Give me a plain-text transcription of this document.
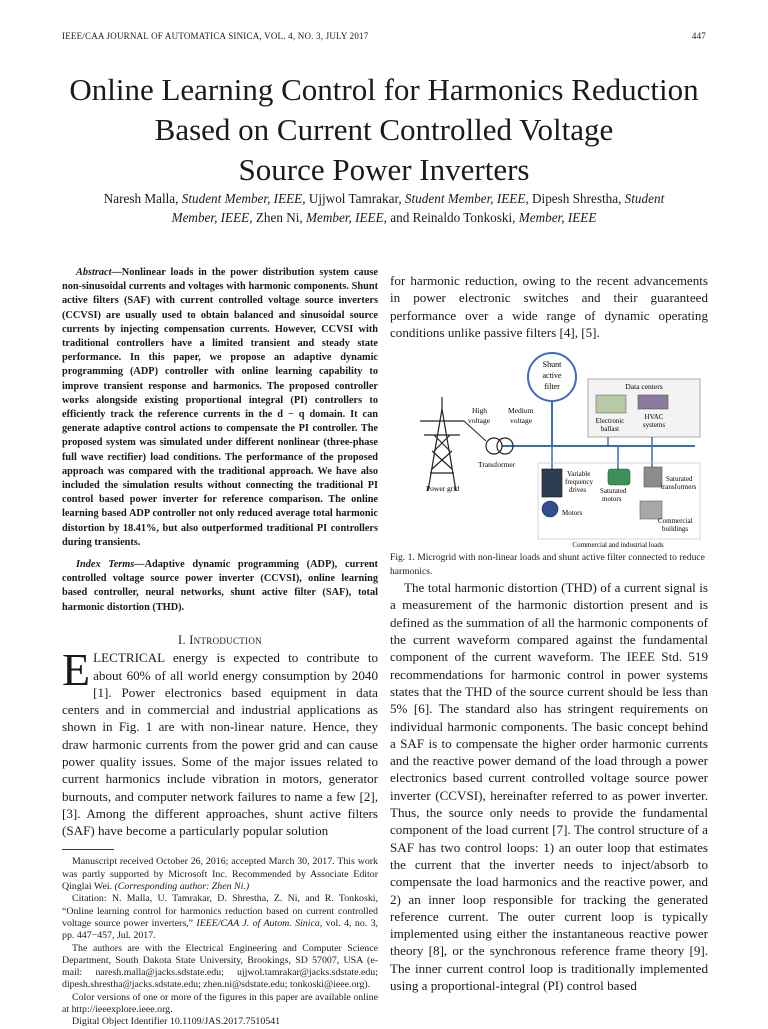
IEEE/CAA JOURNAL OF AUTOMATICA SINICA, VOL. 4, NO. 3, JULY 2017	447
Online Learning Control for Harmonics Reduction
Based on Current Controlled Voltage
Source Power Inverters
Naresh Malla, Student Member, IEEE, Ujjwol Tamrakar, Student Member, IEEE, Dipesh Shrestha, Student
Member, IEEE, Zhen Ni, Member, IEEE, and Reinaldo Tonkoski, Member, IEEE

Abstract—Nonlinear loads in the power distribution system cause non-sinusoidal currents and voltages with harmonic components. Shunt active filters (SAF) with current controlled voltage source inverters (CCVSI) are usually used to obtain balanced and sinusoidal source currents by injecting compensation currents. However, CCVSI with traditional controllers have a limited transient and steady state performance. In this paper, we propose an adaptive dynamic programming (ADP) controller with online learning capability to improve transient response and harmonics. The proposed controller works alongside existing proportional integral (PI) controllers to efficiently track the reference currents in the d − q domain. It can generate adaptive control actions to compensate the PI controller. The proposed system was simulated under different nonlinear (three-phase full wave rectifier) load conditions. The performance of the proposed approach was compared with the traditional approach. We have also included the simulation results without connecting the traditional PI control based power inverter for reference comparison. The online learning based ADP controller not only reduced average total harmonic distortion by 18.41%, but also outperformed traditional PI controllers during transients.

Index Terms—Adaptive dynamic programming (ADP), current controlled voltage source power inverter (CCVSI), online learning based controller, neural networks, shunt active filter (SAF), total harmonic distortion (THD).

I. Introduction

ELECTRICAL energy is expected to contribute to about 60% of all world energy consumption by 2040 [1]. Power electronics based equipment in data centers and in commercial and industrial applications as shown in Fig. 1 are with non-linear nature. Hence, they draw harmonic currents from the power grid and can cause power quality issues. Some of the major issues related to current harmonics include vibration in motors, generator burnouts, and computer network failures to name a few [2], [3]. Among the different approaches, shunt active filters (SAF) have become a particularly popular solution

Manuscript received October 26, 2016; accepted March 30, 2017. This work was partly supported by Microsoft Inc. Recommended by Associate Editor Qinglai Wei. (Corresponding author: Zhen Ni.)

Citation: N. Malla, U. Tamrakar, D. Shrestha, Z. Ni, and R. Tonkoski, “Online learning control for harmonics reduction based on current controlled voltage source power inverters,” IEEE/CAA J. of Autom. Sinica, vol. 4, no. 3, pp. 447−457, Jul. 2017.

The authors are with the Electrical Engineering and Computer Science Department, South Dakota State University, Brookings, SD 57007, USA (e-mail: naresh.malla@jacks.sdstate.edu; ujjwol.tamrakar@jacks.sdstate.edu; dipesh.shrestha@jacks.sdstate.edu; zhen.ni@sdstate.edu; tonkoski@ieee.org).

Color versions of one or more of the figures in this paper are available online at http://ieeexplore.ieee.org.

Digital Object Identifier 10.1109/JAS.2017.7510541

for harmonic reduction, owing to the recent advancements in power electronic switches and their guaranteed performance over a wide range of dynamic operating conditions unlike passive filters [4], [5].

Shunt
active
filter
Power grid
High
voltage
Medium
voltage
Transformer
Data centers
Electronic
ballast
HVAC
systems
Variable
frequency
drives Saturated
motors
Saturated
transformers
Motors
Commercial
buildings
Commercial and industrial loads

Fig. 1. Microgrid with non-linear loads and shunt active filter connected to reduce harmonics.

The total harmonic distortion (THD) of a current signal is a measurement of the harmonic distortion present and is defined as the summation of all the harmonic components of the current waveform compared against the fundamental component of the current waveform. The IEEE Std. 519 recommendations for harmonic control in power systems states that the THD of the source current should be less than 5% [6]. The standard also has stringent requirements on individual harmonic components. The basic concept behind a SAF is to compensate the higher order harmonic currents and the reactive power demand of the load through a power electronics based current controlled voltage source power inverter (CCVSI), hereinafter referred to as power inverter. Thus, the source only needs to provide the fundamental component of the load current [7]. The control structure of a SAF has two control loops: 1) an outer loop that estimates the current that the inverter needs to inject/absorb to compensate the load harmonics and the reactive power, and 2) an inner loop responsible for tracking the generated reference current. The outer current loop is typically implemented using either the instantaneous reactive power theory [8], or the synchronous reference frame theory [9]. The inner current control loop is traditionally implemented using a proportional-integral (PI) control based
